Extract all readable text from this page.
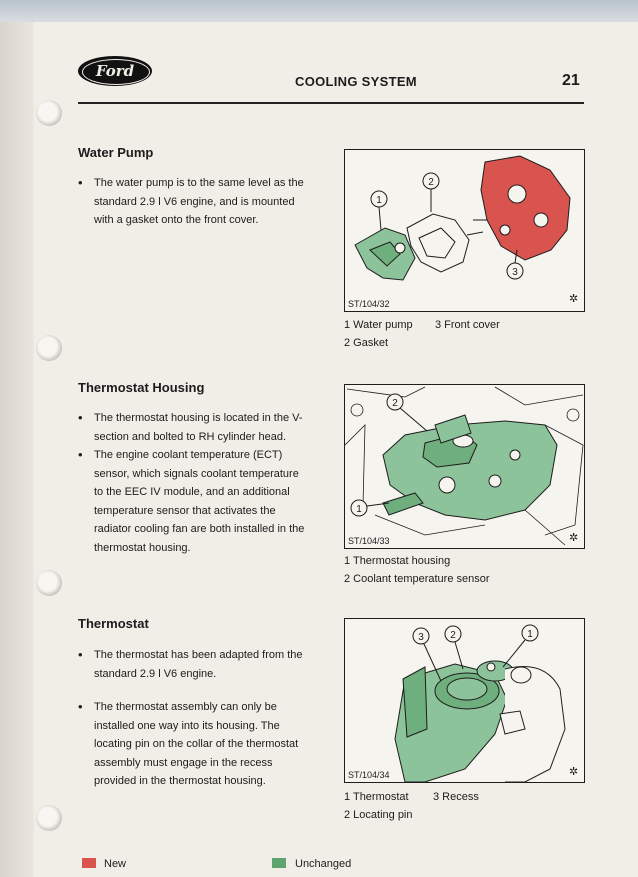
Ford
COOLING SYSTEM	21
Water Pump
• The water pump is to the same level as the standard 2.9 l V6 engine, and is mounted with a gasket onto the front cover.
1
2
3
✲
ST/104/32
1 Water pump 3 Front cover
2 Gasket
Thermostat Housing
• The thermostat housing is located in the V-section and bolted to RH cylinder head.
• The engine coolant temperature (ECT) sensor, which signals coolant temperature to the EEC IV module, and an additional temperature sensor that activates the radiator cooling fan are both installed in the thermostat housing.
1
2
✲
ST/104/33
1 Thermostat housing
2 Coolant temperature sensor
Thermostat
• The thermostat has been adapted from the standard 2.9 l V6 engine.
• The thermostat assembly can only be installed one way into its housing. The locating pin on the collar of the thermostat assembly must engage in the recess provided in the thermostat housing.
3	2	1
✲
ST/104/34
1 Thermostat 3 Recess
2 Locating pin
New	Unchanged
